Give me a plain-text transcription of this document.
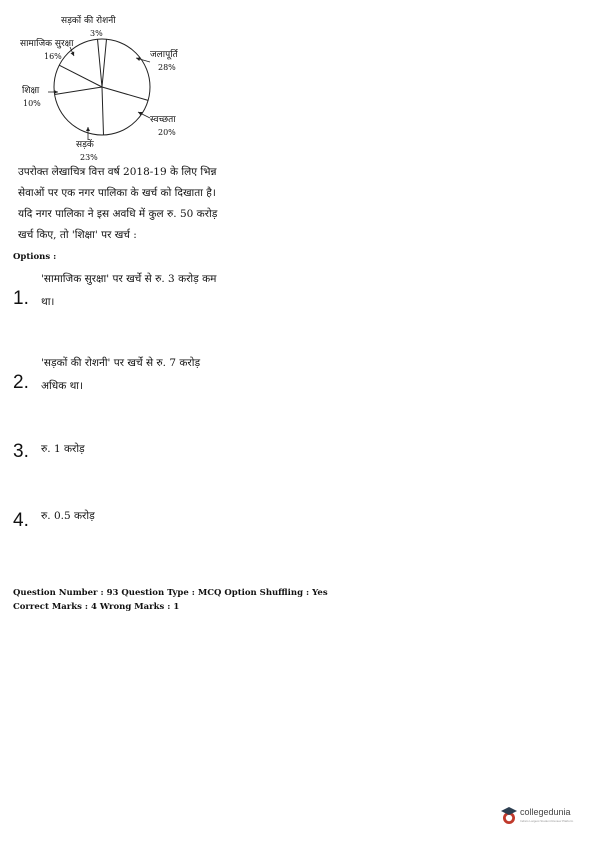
सड़कों की रोशनी
3%
जलापूर्ति
28%
स्वच्छता
20%
सड़कें
23%
शिक्षा
10%
सामाजिक सुरक्षा
16%
उपरोक्त लेखाचित्र वित्त वर्ष 2018-19 के लिए भिन्न
सेवाओं पर एक नगर पालिका के खर्च को दिखाता है।
यदि नगर पालिका ने इस अवधि में कुल रु. 50 करोड़
खर्च किए, तो 'शिक्षा' पर खर्च :
Options :
1.
'सामाजिक सुरक्षा' पर खर्चे से रु. 3 करोड़ कम
था।
2.
'सड़कों की रोशनी' पर खर्चे से रु. 7 करोड़
अधिक था।
3. रु. 1 करोड़
4. रु. 0.5 करोड़
Question Number : 93 Question Type : MCQ Option Shuffling : Yes
Correct Marks : 4 Wrong Marks : 1
collegedunia
India's Largest Student Review Platform
